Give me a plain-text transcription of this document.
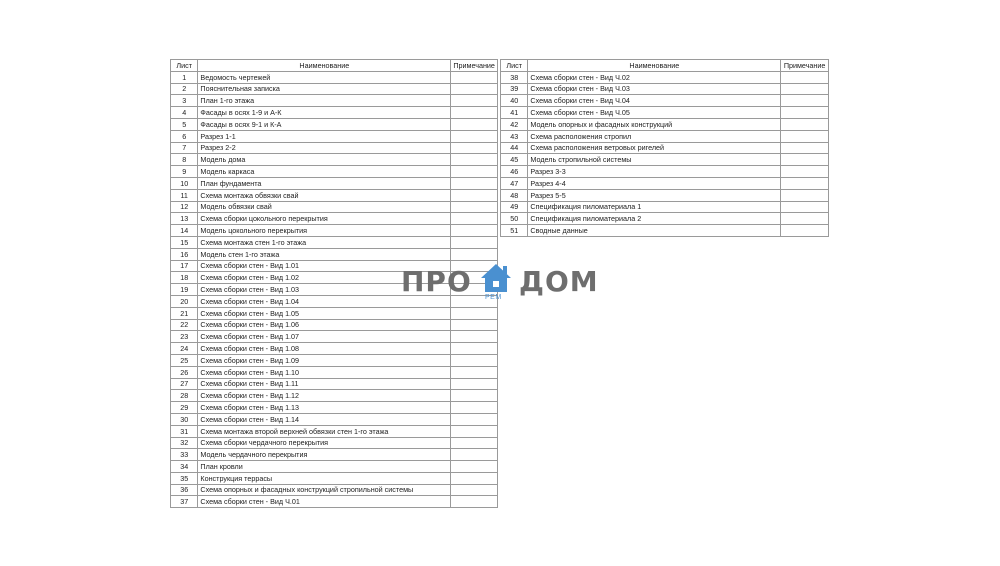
Лист	Наименование	Примечание
1	Ведомость чертежей	
2	Пояснительная записка	
3	План 1-го этажа	
4	Фасады в осях 1-9 и А-К	
5	Фасады в осях 9-1 и К-А	
6	Разрез 1-1	
7	Разрез 2-2	
8	Модель дома	
9	Модель каркаса	
10	План фундамента	
11	Схема монтажа обвязки свай	
12	Модель обвязки свай	
13	Схема сборки цокольного перекрытия	
14	Модель цокольного перекрытия	
15	Схема монтажа стен 1-го этажа	
16	Модель стен 1-го этажа	
17	Схема сборки стен - Вид 1.01	
18	Схема сборки стен - Вид 1.02	
19	Схема сборки стен - Вид 1.03	
20	Схема сборки стен - Вид 1.04	
21	Схема сборки стен - Вид 1.05	
22	Схема сборки стен - Вид 1.06	
23	Схема сборки стен - Вид 1.07	
24	Схема сборки стен - Вид 1.08	
25	Схема сборки стен - Вид 1.09	
26	Схема сборки стен - Вид 1.10	
27	Схема сборки стен - Вид 1.11	
28	Схема сборки стен - Вид 1.12	
29	Схема сборки стен - Вид 1.13	
30	Схема сборки стен - Вид 1.14	
31	Схема монтажа второй верхней обвязки стен 1-го этажа	
32	Схема сборки чердачного перекрытия	
33	Модель чердачного перекрытия	
34	План кровли	
35	Конструкция террасы	
36	Схема опорных и фасадных конструкций стропильной системы	
37	Схема сборки стен - Вид Ч.01	
Лист	Наименование	Примечание
38	Схема сборки стен - Вид Ч.02	
39	Схема сборки стен - Вид Ч.03	
40	Схема сборки стен - Вид Ч.04	
41	Схема сборки стен - Вид Ч.05	
42	Модель опорных и фасадных конструкций	
43	Схема расположения стропил	
44	Схема расположения ветровых ригелей	
45	Модель стропильной системы	
46	Разрез 3-3	
47	Разрез 4-4	
48	Разрез 5-5	
49	Спецификация пиломатериала 1	
50	Спецификация пиломатериала 2	
51	Сводные данные	
ПРО ДОМ
РЕМ
